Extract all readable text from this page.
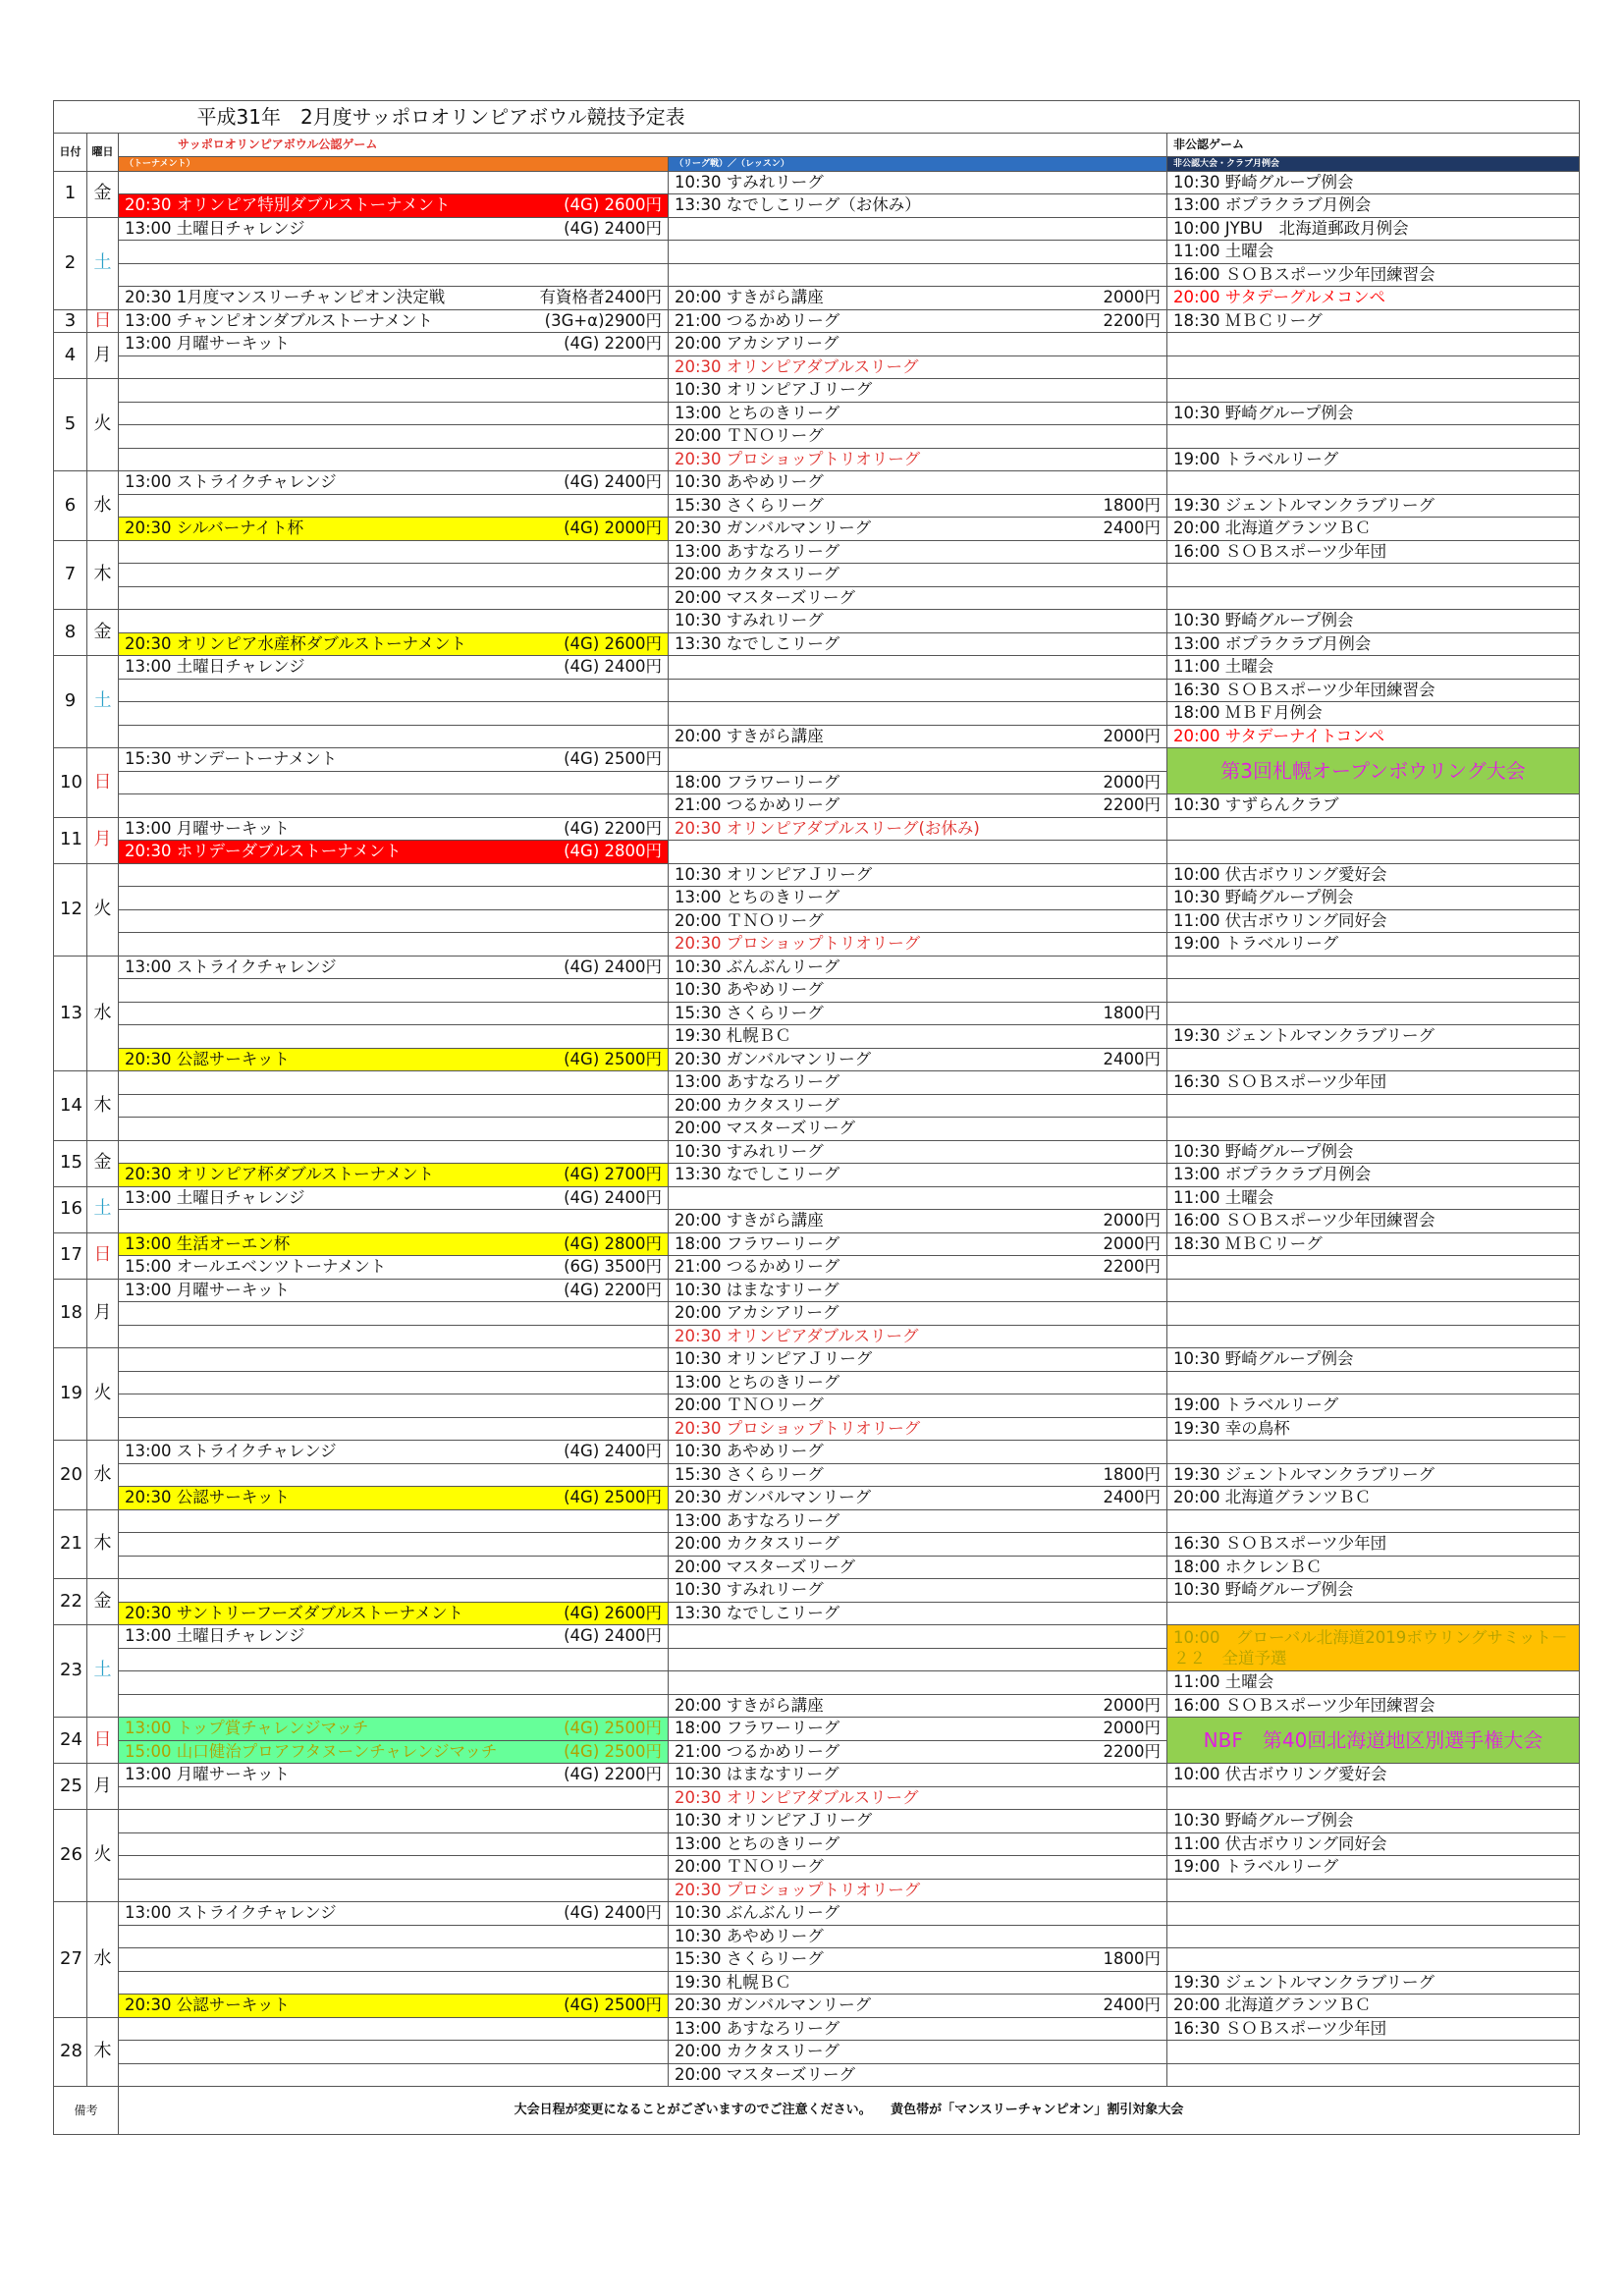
		平成31年　2月度サッポロオリンピアボウル競技予定表		
日付	曜日	サッポロオリンピアボウル公認ゲーム		非公認ゲーム
		（トーナメント）	（リーグ戦）／（レッスン）	非公認大会・クラブ月例会
1	金		10:30 すみれリーグ	10:30 野崎グループ例会

		20:30 オリンピア特別ダブルストーナメント (4G) 2600円	13:30 なでしこリーグ（お休み）	13:00 ボプラクラブ月例会
2	土	13:00 土曜日チャレンジ (4G) 2400円		10:00 JYBU　北海道郵政月例会

			11:00 土曜会

			16:00 ＳＯＢスポーツ少年団練習会

		20:30 1月度マンスリーチャンピオン決定戦 有資格者2400円	20:00 すきがら講座 2000円	20:00 サタデーグルメコンペ
3	日	13:00 チャンピオンダブルストーナメント (3G+α)2900円	21:00 つるかめリーグ 2200円	18:30 ＭＢＣリーグ
4	月	13:00 月曜サーキット (4G) 2200円	20:00 アカシアリーグ	

			20:30 オリンピアダブルスリーグ	

5	火		10:30 オリンピアＪリーグ	

			13:00 とちのきリーグ	10:30 野崎グループ例会

			20:00 ＴＮＯリーグ	

			20:30 プロショップトリオリーグ	19:00 トラベルリーグ
6	水	13:00 ストライクチャレンジ (4G) 2400円	10:30 あやめリーグ	

			15:30 さくらリーグ 1800円	19:30 ジェントルマンクラブリーグ

		20:30 シルバーナイト杯 (4G) 2000円	20:30 ガンバルマンリーグ 2400円	20:00 北海道グランツＢＣ
7	木		13:00 あすなろリーグ	16:00 ＳＯＢスポーツ少年団

			20:00 カクタスリーグ	

			20:00 マスターズリーグ	

8	金		10:30 すみれリーグ	10:30 野崎グループ例会

		20:30 オリンピア水産杯ダブルストーナメント (4G) 2600円	13:30 なでしこリーグ	13:00 ボプラクラブ月例会
9	土	13:00 土曜日チャレンジ (4G) 2400円		11:00 土曜会

			16:30 ＳＯＢスポーツ少年団練習会

			18:00 ＭＢＦ月例会

			20:00 すきがら講座 2000円	20:00 サタデーナイトコンペ
10	日	15:30 サンデートーナメント (4G) 2500円		第3回札幌オープンボウリング大会

			18:00 フラワーリーグ 2000円	

			21:00 つるかめリーグ 2200円	10:30 すずらんクラブ
11	月	13:00 月曜サーキット (4G) 2200円	20:30 オリンピアダブルスリーグ(お休み)	

		20:30 ホリデーダブルストーナメント (4G) 2800円		

12	火		10:30 オリンピアＪリーグ	10:00 伏古ボウリング愛好会

			13:00 とちのきリーグ	10:30 野崎グループ例会

			20:00 ＴＮＯリーグ	11:00 伏古ボウリング同好会

			20:30 プロショップトリオリーグ	19:00 トラベルリーグ
13	水	13:00 ストライクチャレンジ (4G) 2400円	10:30 ぶんぶんリーグ	

			10:30 あやめリーグ	

			15:30 さくらリーグ 1800円	

			19:30 札幌ＢＣ	19:30 ジェントルマンクラブリーグ

		20:30 公認サーキット (4G) 2500円	20:30 ガンバルマンリーグ 2400円	

14	木		13:00 あすなろリーグ	16:30 ＳＯＢスポーツ少年団

			20:00 カクタスリーグ	

			20:00 マスターズリーグ	

15	金		10:30 すみれリーグ	10:30 野崎グループ例会

		20:30 オリンピア杯ダブルストーナメント (4G) 2700円	13:30 なでしこリーグ	13:00 ボプラクラブ月例会
16	土	13:00 土曜日チャレンジ (4G) 2400円		11:00 土曜会

			20:00 すきがら講座 2000円	16:00 ＳＯＢスポーツ少年団練習会
17	日	13:00 生活オーエン杯 (4G) 2800円	18:00 フラワーリーグ 2000円	18:30 ＭＢＣリーグ

		15:00 オールエベンツトーナメント (6G) 3500円	21:00 つるかめリーグ 2200円	

18	月	13:00 月曜サーキット (4G) 2200円	10:30 はまなすリーグ	

			20:00 アカシアリーグ	

			20:30 オリンピアダブルスリーグ	

19	火		10:30 オリンピアＪリーグ	10:30 野崎グループ例会

			13:00 とちのきリーグ	

			20:00 ＴＮＯリーグ	19:00 トラベルリーグ

			20:30 プロショップトリオリーグ	19:30 幸の鳥杯
20	水	13:00 ストライクチャレンジ (4G) 2400円	10:30 あやめリーグ	

			15:30 さくらリーグ 1800円	19:30 ジェントルマンクラブリーグ

		20:30 公認サーキット (4G) 2500円	20:30 ガンバルマンリーグ 2400円	20:00 北海道グランツＢＣ
21	木		13:00 あすなろリーグ	

			20:00 カクタスリーグ	16:30 ＳＯＢスポーツ少年団

			20:00 マスターズリーグ	18:00 ホクレンＢＣ
22	金		10:30 すみれリーグ	10:30 野崎グループ例会

		20:30 サントリーフーズダブルストーナメント (4G) 2600円	13:30 なでしこリーグ	

23	土	13:00 土曜日チャレンジ (4G) 2400円		10:00　グローバル北海道2019ボウリングサミット－２２　全道予選

			11:00 土曜会

			20:00 すきがら講座 2000円	16:00 ＳＯＢスポーツ少年団練習会
24	日	13:00 トップ賞チャレンジマッチ (4G) 2500円	18:00 フラワーリーグ 2000円	NBF　第40回北海道地区別選手権大会

		15:00 山口健治プロアフタヌーンチャレンジマッチ (4G) 2500円	21:00 つるかめリーグ 2200円	

25	月	13:00 月曜サーキット (4G) 2200円	10:30 はまなすリーグ	10:00 伏古ボウリング愛好会

			20:30 オリンピアダブルスリーグ	

26	火		10:30 オリンピアＪリーグ	10:30 野崎グループ例会

			13:00 とちのきリーグ	11:00 伏古ボウリング同好会

			20:00 ＴＮＯリーグ	19:00 トラベルリーグ

			20:30 プロショップトリオリーグ	

27	水	13:00 ストライクチャレンジ (4G) 2400円	10:30 ぶんぶんリーグ	

			10:30 あやめリーグ	

			15:30 さくらリーグ 1800円	

			19:30 札幌ＢＣ	19:30 ジェントルマンクラブリーグ

		20:30 公認サーキット (4G) 2500円	20:30 ガンバルマンリーグ 2400円	20:00 北海道グランツＢＣ
28	木		13:00 あすなろリーグ	16:30 ＳＯＢスポーツ少年団

			20:00 カクタスリーグ	

			20:00 マスターズリーグ	

備考		大会日程が変更になることがございますのでご注意ください。　　黄色帯が「マンスリーチャンピオン」割引対象大会		
